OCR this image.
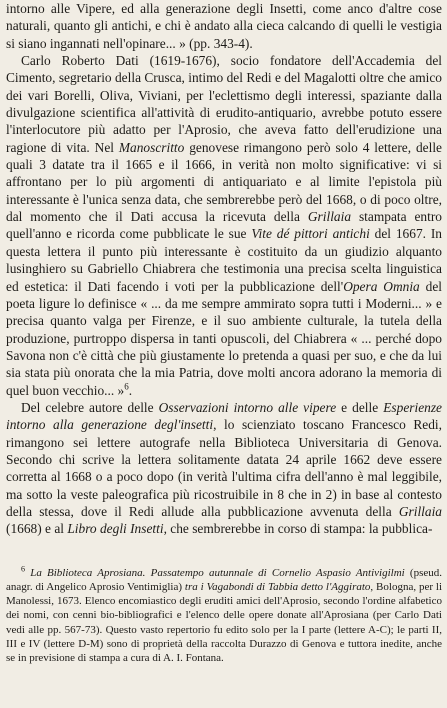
intorno alle Vipere, ed alla generazione degli Insetti, come anco d'altre cose naturali, quanto gli antichi, e chi è andato alla cieca calcando di quelli le vestigia si siano ingannati nell'opinare... » (pp. 343-4).

Carlo Roberto Dati (1619-1676), socio fondatore dell'Accademia del Cimento, segretario della Crusca, intimo del Redi e del Magalotti oltre che amico dei vari Borelli, Oliva, Viviani, per l'eclettismo degli interessi, spaziante dalla divulgazione scientifica all'attività di erudito-antiquario, avrebbe potuto essere l'interlocutore più adatto per l'Aprosio, che aveva fatto dell'erudizione una ragione di vita. Nel Manoscritto genovese rimangono però solo 4 lettere, delle quali 3 datate tra il 1665 e il 1666, in verità non molto significative: vi si affrontano per lo più argomenti di antiquariato e al limite l'epistola più interessante è l'unica senza data, che sembrerebbe però del 1668, o di poco oltre, dal momento che il Dati accusa la ricevuta della Grillaia stampata entro quell'anno e ricorda come pubblicate le sue Vite dé pittori antichi del 1667. In questa lettera il punto più interessante è costituito da un giudizio alquanto lusinghiero su Gabriello Chiabrera che testimonia una precisa scelta linguistica ed estetica: il Dati facendo i voti per la pubblicazione dell'Opera Omnia del poeta ligure lo definisce « ... da me sempre ammirato sopra tutti i Moderni... » e precisa quanto valga per Firenze, e il suo ambiente culturale, la tutela della produzione, purtroppo dispersa in tanti opuscoli, del Chiabrera « ... perché dopo Savona non c'è città che più giustamente lo pretenda a quasi per suo, e che da lui sia stata più onorata che la mia Patria, dove molti ancora adorano la memoria di quel buon vecchio... »$^6$.

Del celebre autore delle Osservazioni intorno alle vipere e delle Esperienze intorno alla generazione degl'insetti, lo scienziato toscano Francesco Redi, rimangono sei lettere autografe nella Biblioteca Universitaria di Genova. Secondo chi scrive la lettera solitamente datata 24 aprile 1662 deve essere corretta al 1668 o a poco dopo (in verità l'ultima cifra dell'anno è mal leggibile, ma sotto la veste paleografica più ricostruibile in 8 che in 2) in base al contesto della stessa, dove il Redi allude alla pubblicazione avvenuta della Grillaia (1668) e al Libro degli Insetti, che sembrerebbe in corso di stampa: la pubblica-

$^6$ La Biblioteca Aprosiana. Passatempo autunnale di Cornelio Aspasio Antivigilmi (pseud. anagr. di Angelico Aprosio Ventimiglia) tra i Vagabondi di Tabbia detto l'Aggirato, Bologna, per li Manolessi, 1673. Elenco encomiastico degli eruditi amici dell'Aprosio, secondo l'ordine alfabetico dei nomi, con cenni bio-bibliografici e l'elenco delle opere donate all'Aprosiana (per Carlo Dati vedi alle pp. 567-73). Questo vasto repertorio fu edito solo per la I parte (lettere A-C); le parti II, III e IV (lettere D-M) sono di proprietà della raccolta Durazzo di Genova e tuttora inedite, anche se in previsione di stampa a cura di A. I. Fontana.
